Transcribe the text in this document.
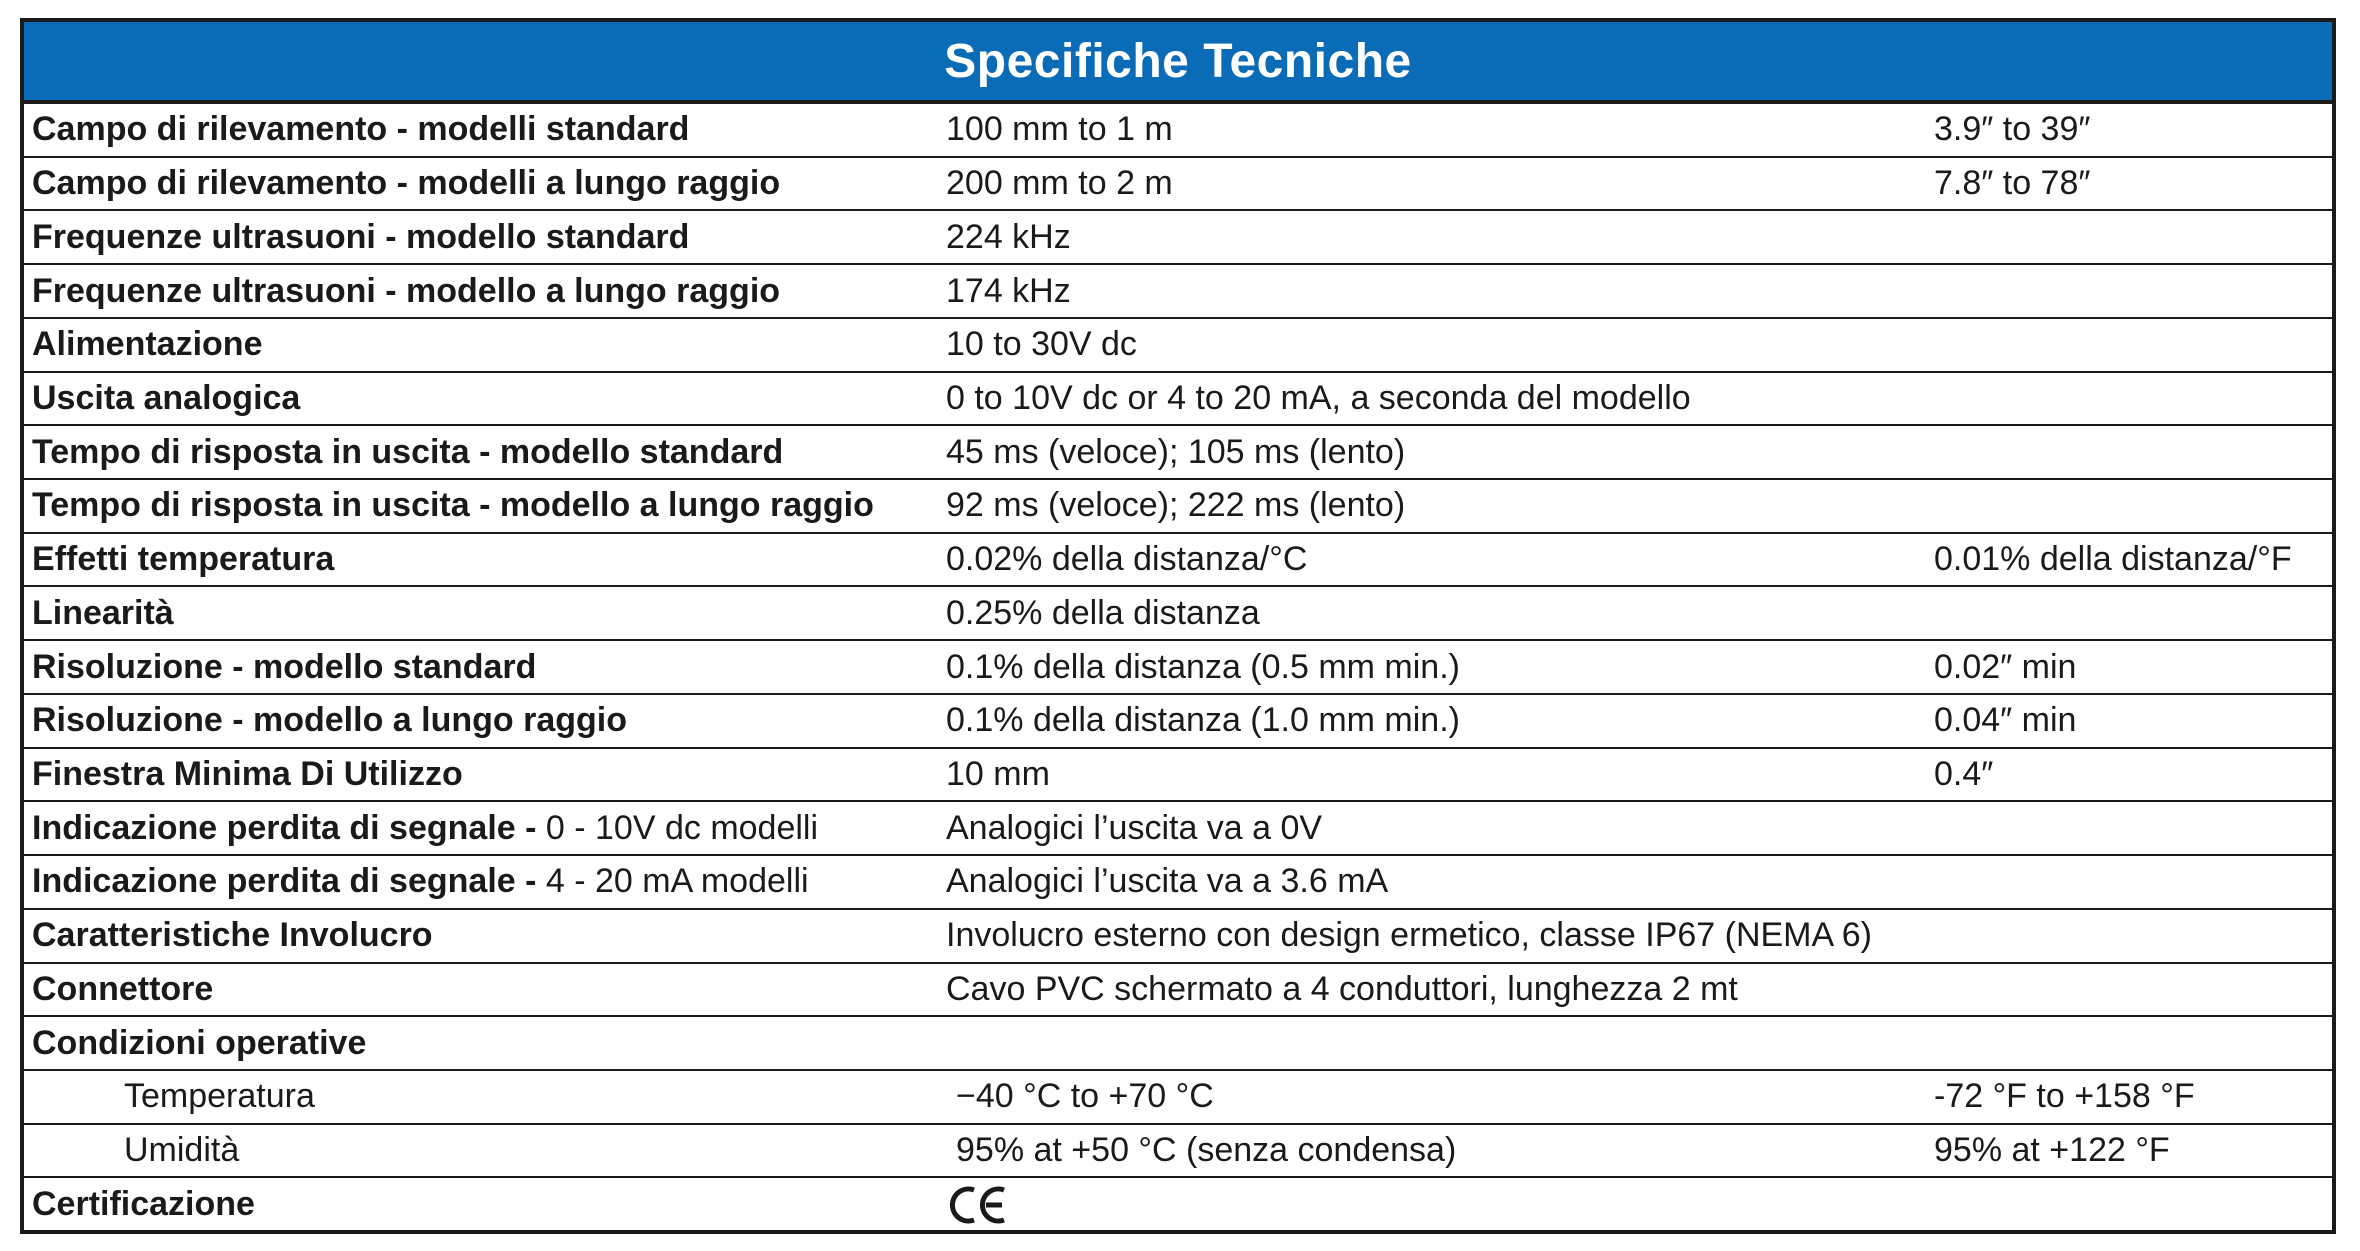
Specifiche Tecniche
Campo di rilevamento - modelli standard	100 mm to 1 m	3.9″ to 39″
Campo di rilevamento - modelli a lungo raggio	200 mm to 2 m	7.8″ to 78″
Frequenze ultrasuoni - modello standard	224 kHz
Frequenze ultrasuoni - modello a lungo raggio	174 kHz
Alimentazione	10 to 30V dc
Uscita analogica	0 to 10V dc or 4 to 20 mA, a seconda del modello
Tempo di risposta in uscita - modello standard	45 ms (veloce); 105 ms (lento)
Tempo di risposta in uscita - modello a lungo raggio	92 ms (veloce); 222 ms (lento)
Effetti temperatura	0.02% della distanza/°C	0.01% della distanza/°F
Linearità	0.25% della distanza
Risoluzione - modello standard	0.1% della distanza (0.5 mm min.)	0.02″ min
Risoluzione - modello a lungo raggio	0.1% della distanza (1.0 mm min.)	0.04″ min
Finestra Minima Di Utilizzo	10 mm	0.4″
Indicazione perdita di segnale - 0 - 10V dc modelli	Analogici l’uscita va a 0V
Indicazione perdita di segnale - 4 - 20 mA modelli	Analogici l’uscita va a 3.6 mA
Caratteristiche Involucro	Involucro esterno con design ermetico, classe IP67 (NEMA 6)
Connettore	Cavo PVC schermato a 4 conduttori, lunghezza 2 mt
Condizioni operative
Temperatura	−40 °C to +70 °C	-72 °F to +158 °F
Umidità	95% at +50 °C (senza condensa)	95% at +122 °F
Certificazione
